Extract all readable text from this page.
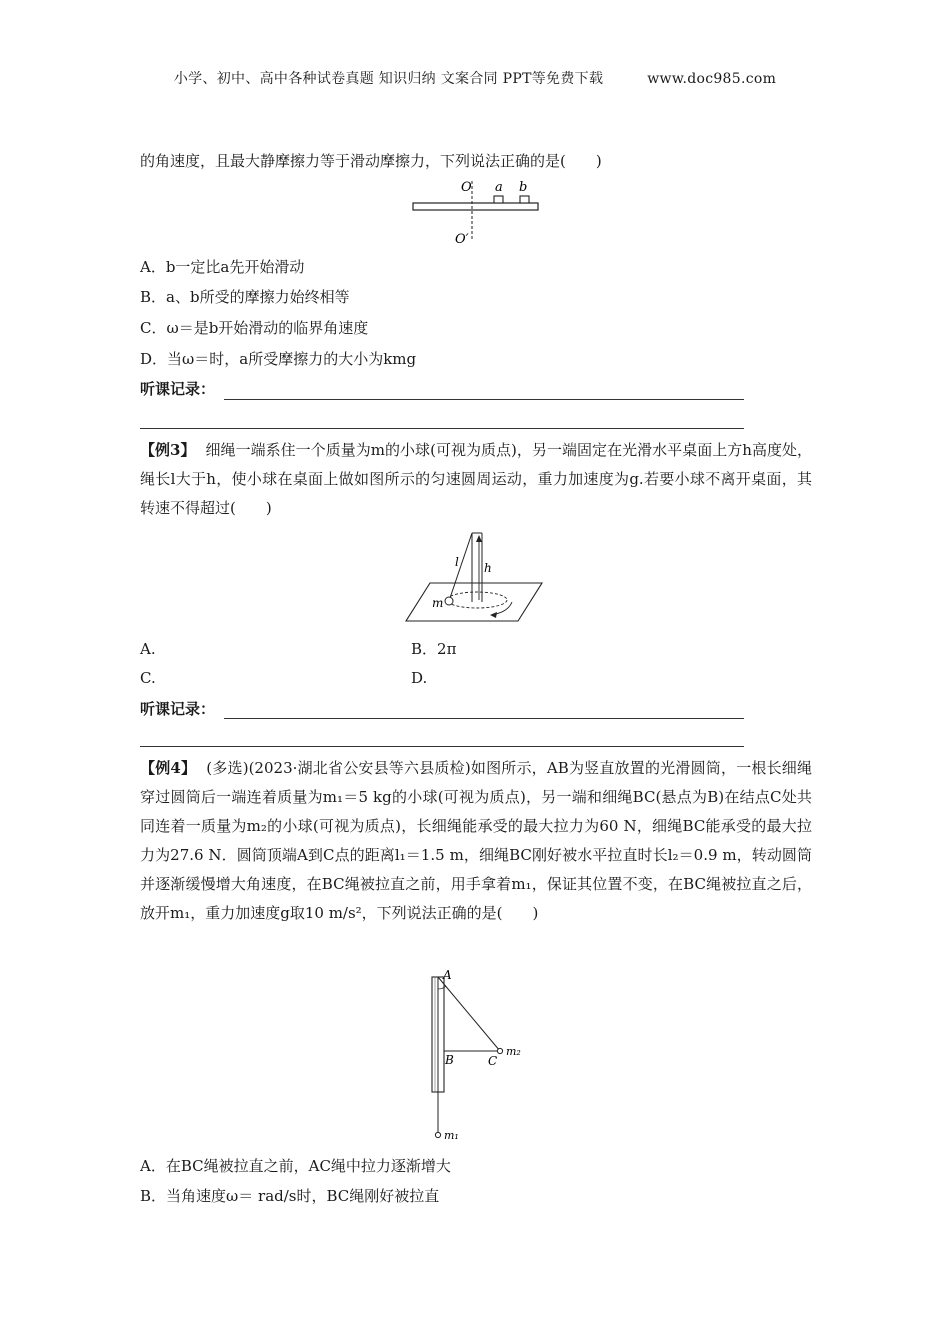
小学、初中、高中各种试卷真题 知识归纳 文案合同 PPT等免费下载	www.doc985.com
的角速度，且最大静摩擦力等于滑动摩擦力，下列说法正确的是(　　)
O a b
O′
A．b一定比a先开始滑动
B．a、b所受的摩擦力始终相等
C．ω＝是b开始滑动的临界角速度
D．当ω＝时，a所受摩擦力的大小为kmg
听课记录：
【例3】 细绳一端系住一个质量为m的小球(可视为质点)，另一端固定在光滑水平桌面上方h高度处，绳长l大于h，使小球在桌面上做如图所示的匀速圆周运动，重力加速度为g.若要小球不离开桌面，其转速不得超过(　　)
l h
m
A.	B．2π
C.	D.
听课记录：
【例4】 (多选)(2023·湖北省公安县等六县质检)如图所示，AB为竖直放置的光滑圆筒，一根长细绳穿过圆筒后一端连着质量为m₁＝5 kg的小球(可视为质点)，另一端和细绳BC(悬点为B)在结点C处共同连着一质量为m₂的小球(可视为质点)，长细绳能承受的最大拉力为60 N，细绳BC能承受的最大拉力为27.6 N．圆筒顶端A到C点的距离l₁＝1.5 m，细绳BC刚好被水平拉直时长l₂＝0.9 m，转动圆筒并逐渐缓慢增大角速度，在BC绳被拉直之前，用手拿着m₁，保证其位置不变，在BC绳被拉直之后，放开m₁，重力加速度g取10 m/s²，下列说法正确的是(　　)
A
B	C
m₂
m₁
A．在BC绳被拉直之前，AC绳中拉力逐渐增大
B．当角速度ω＝ rad/s时，BC绳刚好被拉直
